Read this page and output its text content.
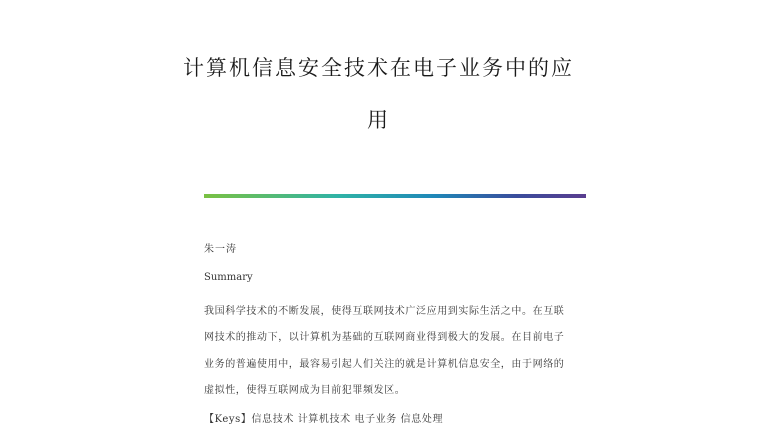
计算机信息安全技术在电子业务中的应
用
朱一涛
Summary
我国科学技术的不断发展，使得互联网技术广泛应用到实际生活之中。在互联
网技术的推动下，以计算机为基础的互联网商业得到极大的发展。在目前电子
业务的普遍使用中，最容易引起人们关注的就是计算机信息安全，由于网络的
虚拟性，使得互联网成为目前犯罪频发区。
【Keys】信息技术 计算机技术 电子业务 信息处理
